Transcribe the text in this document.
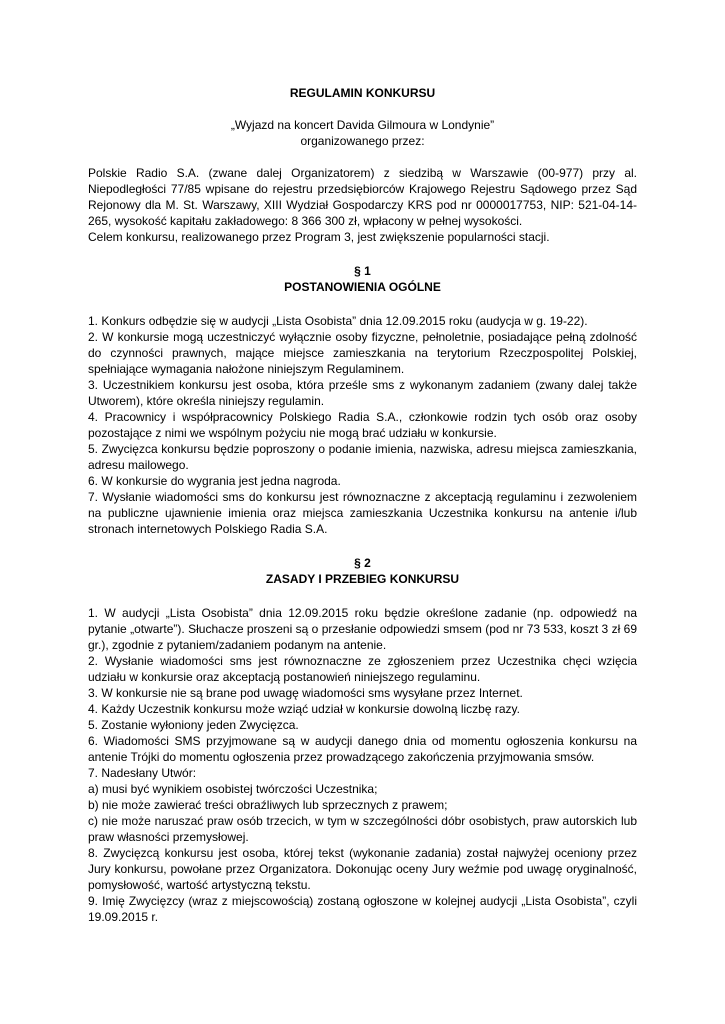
REGULAMIN KONKURSU

„Wyjazd na koncert Davida Gilmoura w Londynie”

organizowanego przez:

Polskie Radio S.A. (zwane dalej Organizatorem) z siedzibą w Warszawie (00-977) przy al. Niepodległości 77/85 wpisane do rejestru przedsiębiorców Krajowego Rejestru Sądowego przez Sąd Rejonowy dla M. St. Warszawy, XIII Wydział Gospodarczy KRS pod nr 0000017753, NIP: 521-04-14-265, wysokość kapitału zakładowego: 8 366 300 zł, wpłacony w pełnej wysokości.

Celem konkursu, realizowanego przez Program 3, jest zwiększenie popularności stacji.

§ 1

POSTANOWIENIA OGÓLNE

1. Konkurs odbędzie się w audycji „Lista Osobista” dnia 12.09.2015 roku (audycja w g. 19-22).

2. W konkursie mogą uczestniczyć wyłącznie osoby fizyczne, pełnoletnie, posiadające pełną zdolność do czynności prawnych, mające miejsce zamieszkania na terytorium Rzeczpospolitej Polskiej, spełniające wymagania nałożone niniejszym Regulaminem.

3. Uczestnikiem konkursu jest osoba, która prześle sms z wykonanym zadaniem (zwany dalej także Utworem), które określa niniejszy regulamin.

4. Pracownicy i współpracownicy Polskiego Radia S.A., członkowie rodzin tych osób oraz osoby pozostające z nimi we wspólnym pożyciu nie mogą brać udziału w konkursie.

5. Zwycięzca konkursu będzie poproszony o podanie imienia, nazwiska, adresu miejsca zamieszkania, adresu mailowego.

6. W konkursie do wygrania jest jedna nagroda.

7. Wysłanie wiadomości sms do konkursu jest równoznaczne z akceptacją regulaminu i zezwoleniem na publiczne ujawnienie imienia oraz miejsca zamieszkania Uczestnika konkursu na antenie i/lub stronach internetowych Polskiego Radia S.A.

§ 2

ZASADY I PRZEBIEG KONKURSU

1. W audycji „Lista Osobista” dnia 12.09.2015 roku będzie określone zadanie (np. odpowiedź na pytanie „otwarte”). Słuchacze proszeni są o przesłanie odpowiedzi smsem (pod nr 73 533, koszt 3 zł 69 gr.), zgodnie z pytaniem/zadaniem podanym na antenie.

2. Wysłanie wiadomości sms jest równoznaczne ze zgłoszeniem przez Uczestnika chęci wzięcia udziału w konkursie oraz akceptacją postanowień niniejszego regulaminu.

3. W konkursie nie są brane pod uwagę wiadomości sms wysyłane przez Internet.

4. Każdy Uczestnik konkursu może wziąć udział w konkursie dowolną liczbę razy.

5. Zostanie wyłoniony jeden Zwycięzca.

6. Wiadomości SMS przyjmowane są w audycji danego dnia od momentu ogłoszenia konkursu na antenie Trójki do momentu ogłoszenia przez prowadzącego zakończenia przyjmowania smsów.

7. Nadesłany Utwór:

a) musi być wynikiem osobistej twórczości Uczestnika;

b) nie może zawierać treści obraźliwych lub sprzecznych z prawem;

c) nie może naruszać praw osób trzecich, w tym w szczególności dóbr osobistych, praw autorskich lub praw własności przemysłowej.

8. Zwycięzcą konkursu jest osoba, której tekst (wykonanie zadania) został najwyżej oceniony przez Jury konkursu, powołane przez Organizatora. Dokonując oceny Jury weźmie pod uwagę oryginalność, pomysłowość, wartość artystyczną tekstu.

9. Imię Zwycięzcy (wraz z miejscowością) zostaną ogłoszone w kolejnej audycji „Lista Osobista”, czyli 19.09.2015 r.
